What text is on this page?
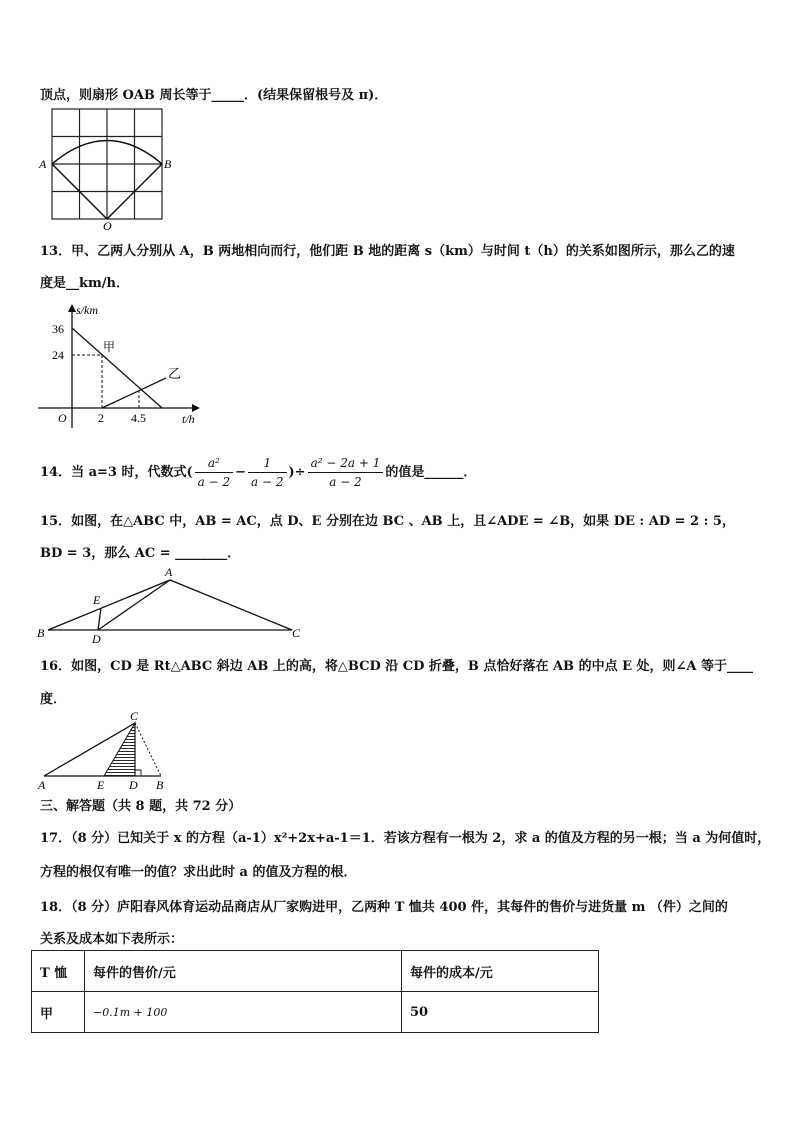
顶点，则扇形 OAB 周长等于_____．(结果保留根号及 π)．
A	B
O
13．甲、乙两人分别从 A，B 两地相向而行，他们距 B 地的距离 s（km）与时间 t（h）的关系如图所示，那么乙的速
度是__km/h．
s/km
36
24
甲
乙
O	2 4.5	t/h
14．当 a=3 时，代数式( $\frac{\text{a²}}{a - 2} - \frac{1}{a - 2}$ )÷ $\frac{\text{a² − 2a + 1}}{a - 2}$ 的值是______．
15．如图，在△ABC 中，AB = AC，点 D、E 分别在边 BC 、AB 上，且∠ADE = ∠B，如果 DE : AD = 2 : 5，
BD = 3，那么 AC = ________．
A
E
B	D	C
16．如图，CD 是 Rt△ABC 斜边 AB 上的高，将△BCD 沿 CD 折叠，B 点恰好落在 AB 的中点 E 处，则∠A 等于____
度．
C
A	E D B
三、解答题（共 8 题，共 72 分）
17．（8 分）已知关于 x 的方程（a-1）x²+2x+a-1＝1．若该方程有一根为 2，求 a 的值及方程的另一根；当 a 为何值时，
方程的根仅有唯一的值？求出此时 a 的值及方程的根．
18．（8 分）庐阳春风体育运动品商店从厂家购进甲，乙两种 T 恤共 400 件，其每件的售价与进货量 m （件）之间的
关系及成本如下表所示：
T 恤	每件的售价/元	每件的成本/元
甲	−0.1m + 100	50
